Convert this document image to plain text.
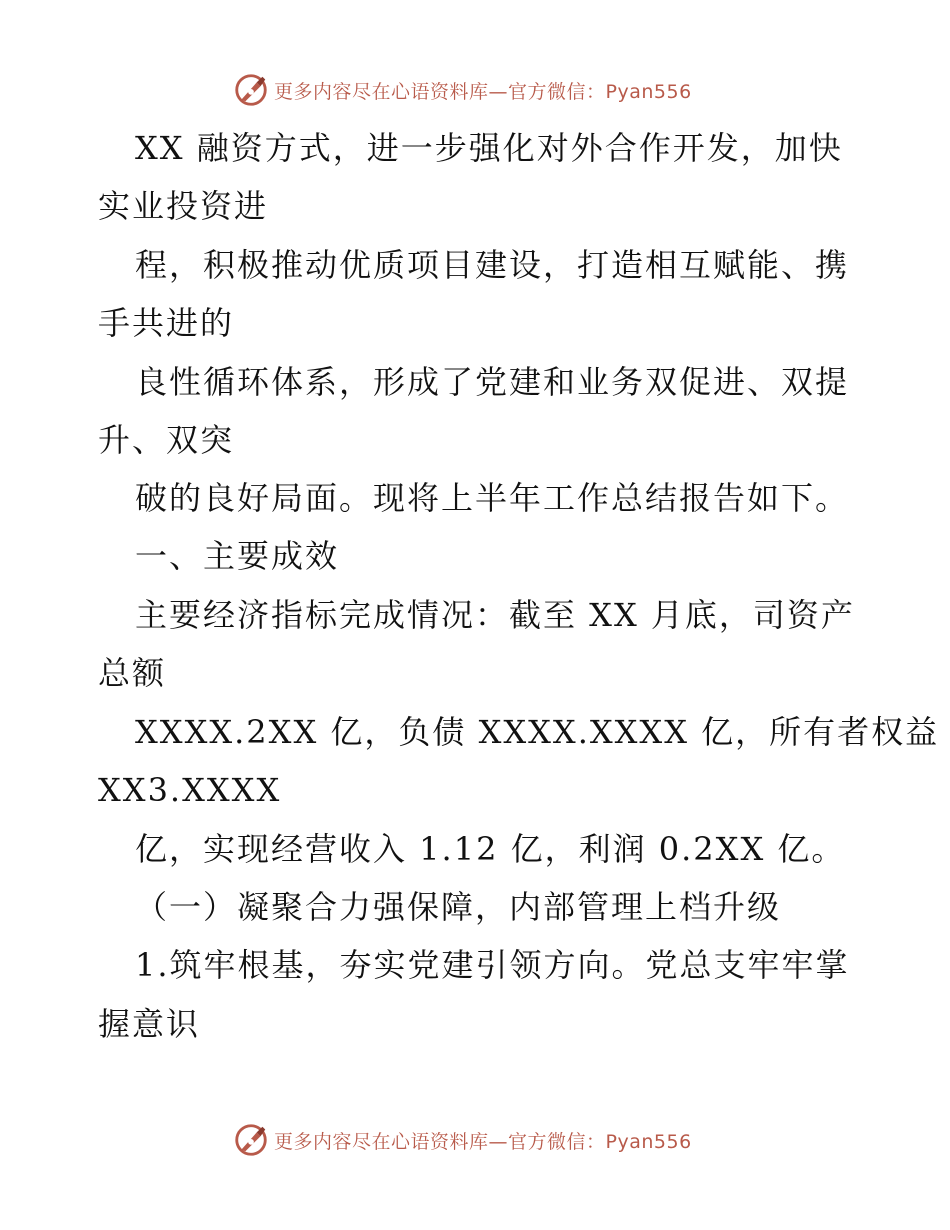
更多内容尽在心语资料库—官方微信：Pyan556
XX 融资方式，进一步强化对外合作开发，加快
实业投资进
程，积极推动优质项目建设，打造相互赋能、携
手共进的
良性循环体系，形成了党建和业务双促进、双提
升、双突
破的良好局面。现将上半年工作总结报告如下。
一、主要成效
主要经济指标完成情况：截至 XX 月底，司资产
总额
XXXX.2XX 亿，负债 XXXX.XXXX 亿，所有者权益
XX3.XXXX
亿，实现经营收入 1.12 亿，利润 0.2XX 亿。
（一）凝聚合力强保障，内部管理上档升级
1.筑牢根基，夯实党建引领方向。党总支牢牢掌
握意识
更多内容尽在心语资料库—官方微信：Pyan556
